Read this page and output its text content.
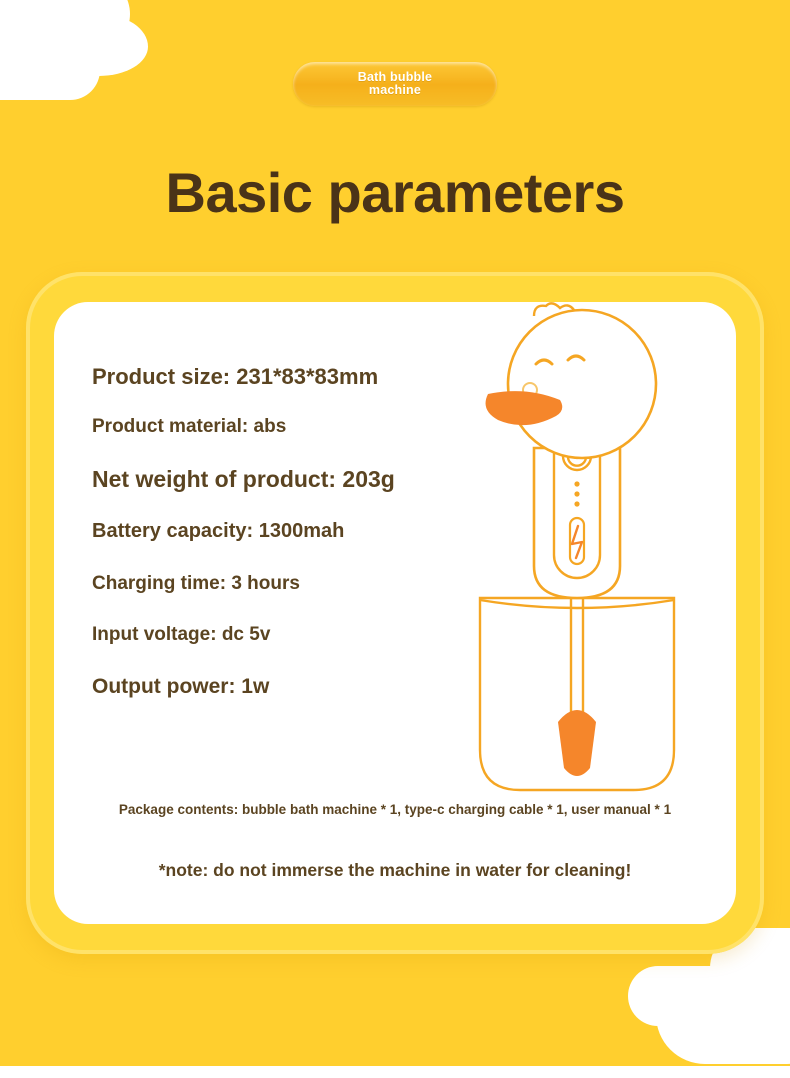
Bath bubble
machine
Basic parameters
Product size: 231*83*83mm
Product material: abs
Net weight of product: 203g
Battery capacity: 1300mah
Charging time: 3 hours
Input voltage: dc 5v
Output power: 1w
Package contents: bubble bath machine * 1, type-c charging cable * 1, user manual * 1
*note: do not immerse the machine in water for cleaning!
